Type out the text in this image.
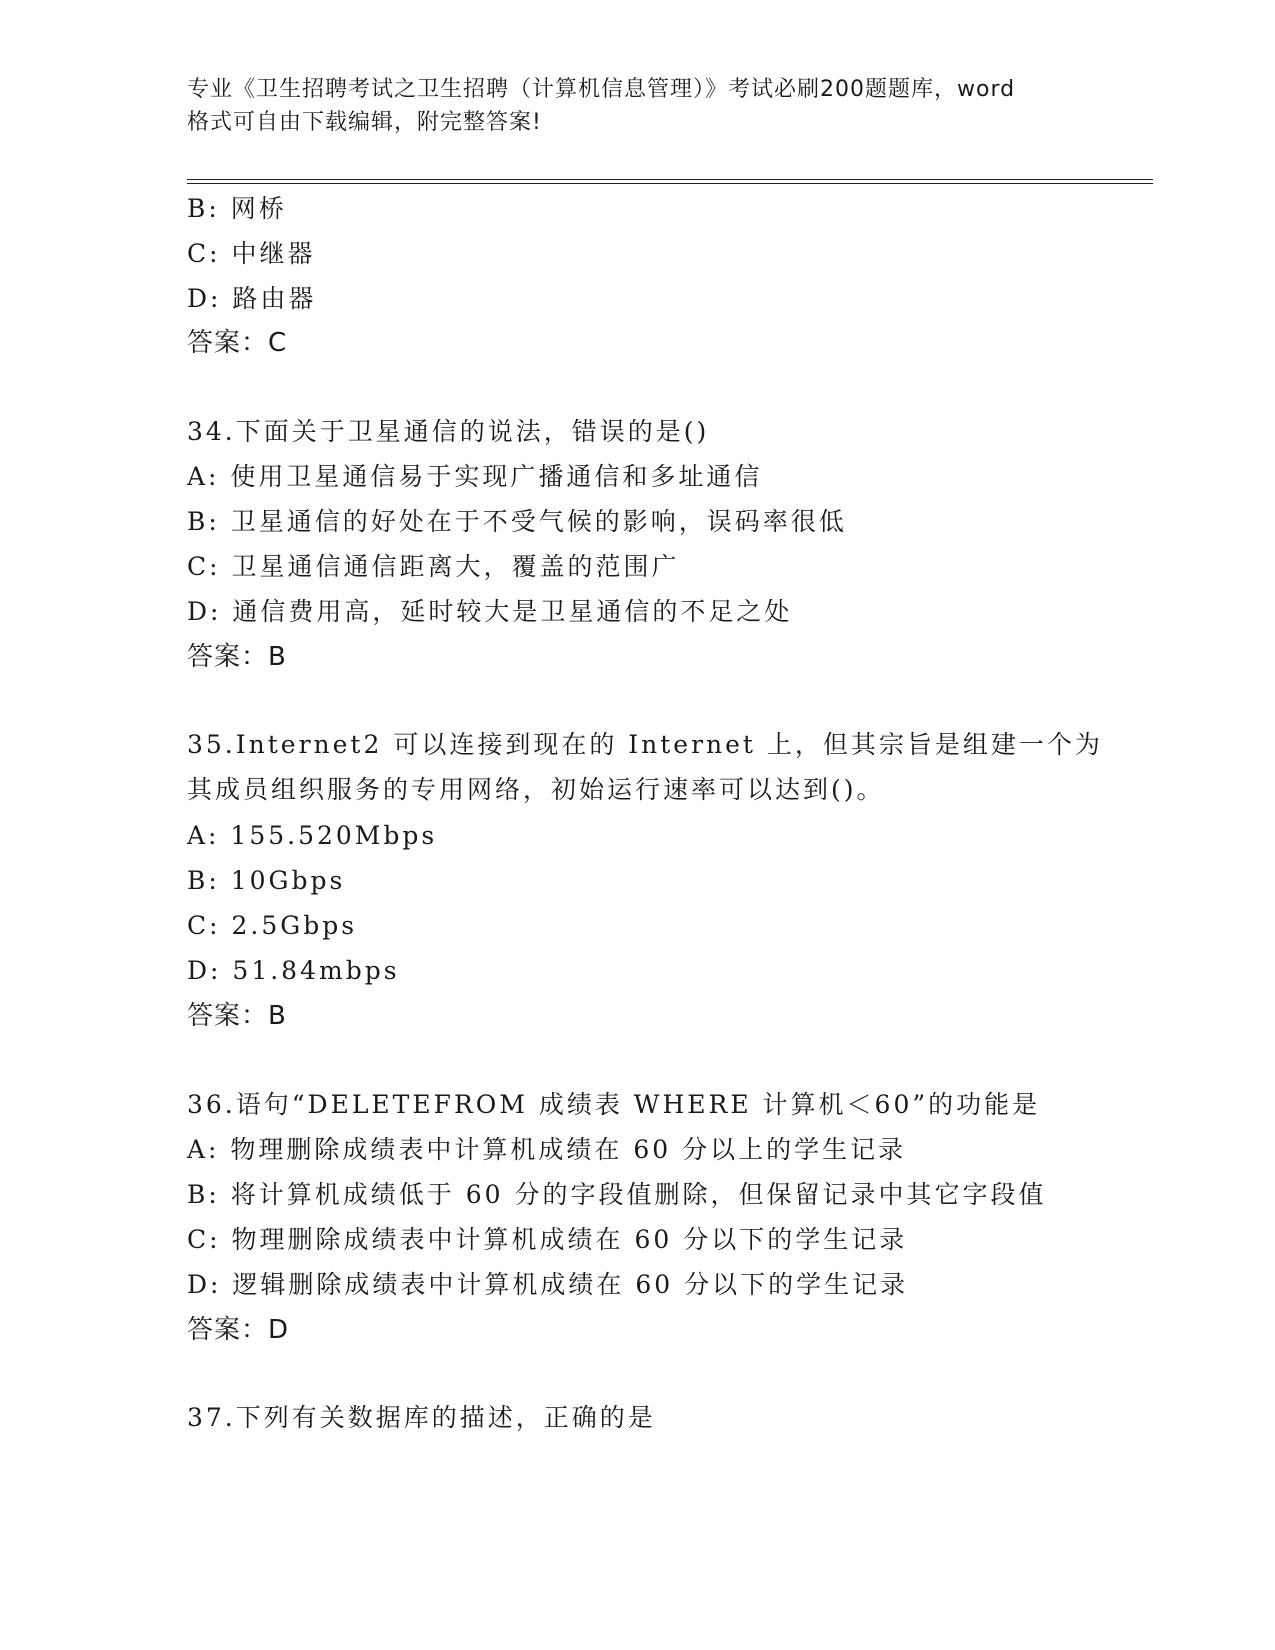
专业《卫生招聘考试之卫生招聘（计算机信息管理）》考试必刷200题题库，word
格式可自由下载编辑，附完整答案!
B: 网桥
C: 中继器
D: 路由器
答案：C
34.下面关于卫星通信的说法，错误的是()
A: 使用卫星通信易于实现广播通信和多址通信
B: 卫星通信的好处在于不受气候的影响，误码率很低
C: 卫星通信通信距离大，覆盖的范围广
D: 通信费用高，延时较大是卫星通信的不足之处
答案：B
35.Internet2 可以连接到现在的 Internet 上，但其宗旨是组建一个为
其成员组织服务的专用网络，初始运行速率可以达到()。
A: 155.520Mbps
B: 10Gbps
C: 2.5Gbps
D: 51.84mbps
答案：B
36.语句“DELETEFROM 成绩表 WHERE 计算机＜60”的功能是
A: 物理删除成绩表中计算机成绩在 60 分以上的学生记录
B: 将计算机成绩低于 60 分的字段值删除，但保留记录中其它字段值
C: 物理删除成绩表中计算机成绩在 60 分以下的学生记录
D: 逻辑删除成绩表中计算机成绩在 60 分以下的学生记录
答案：D
37.下列有关数据库的描述，正确的是
